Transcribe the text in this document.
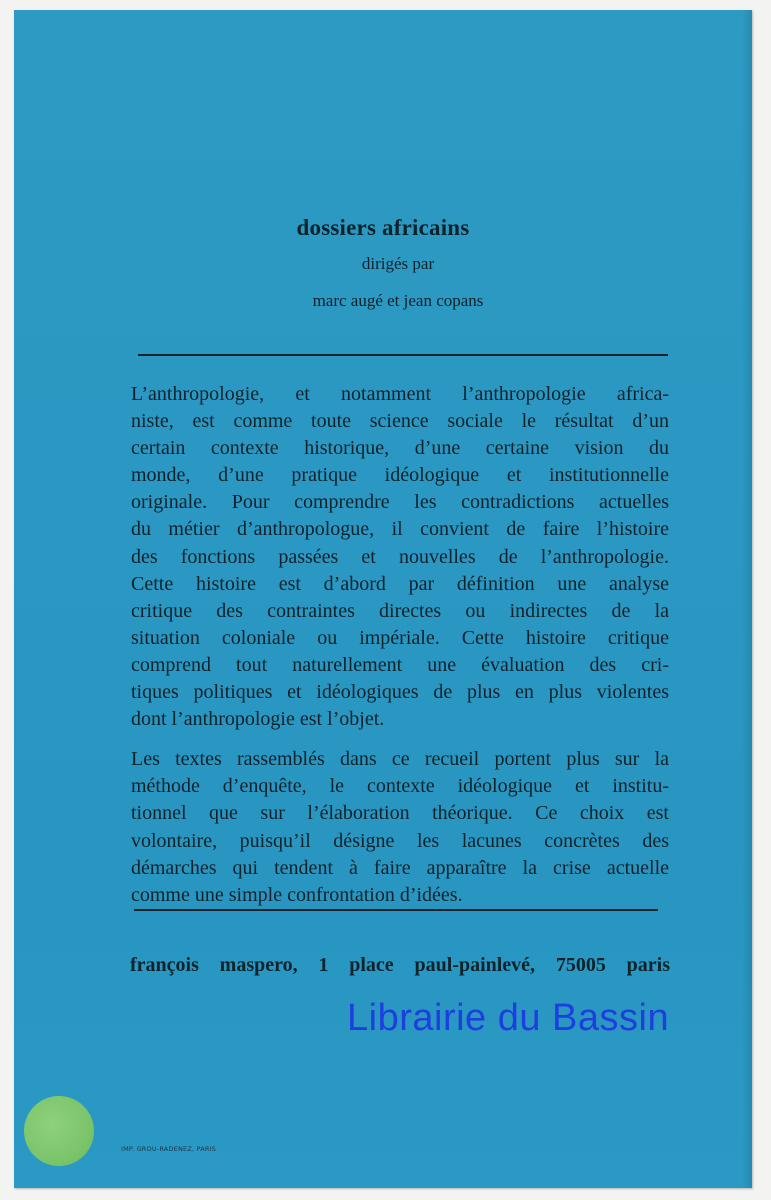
dossiers africains
dirigés par
marc augé et jean copans

L’anthropologie, et notamment l’anthropologie africa-
niste, est comme toute science sociale le résultat d’un
certain contexte historique, d’une certaine vision du
monde, d’une pratique idéologique et institutionnelle
originale. Pour comprendre les contradictions actuelles
du métier d’anthropologue, il convient de faire l’histoire
des fonctions passées et nouvelles de l’anthropologie.
Cette histoire est d’abord par définition une analyse
critique des contraintes directes ou indirectes de la
situation coloniale ou impériale. Cette histoire critique
comprend tout naturellement une évaluation des cri-
tiques politiques et idéologiques de plus en plus violentes
dont l’anthropologie est l’objet.

Les textes rassemblés dans ce recueil portent plus sur la
méthode d’enquête, le contexte idéologique et institu-
tionnel que sur l’élaboration théorique. Ce choix est
volontaire, puisqu’il désigne les lacunes concrètes des
démarches qui tendent à faire apparaître la crise actuelle
comme une simple confrontation d’idées.

françois maspero, 1 place paul-painlevé, 75005 paris
IMP. GROU-RADENEZ, PARIS
Librairie du Bassin
